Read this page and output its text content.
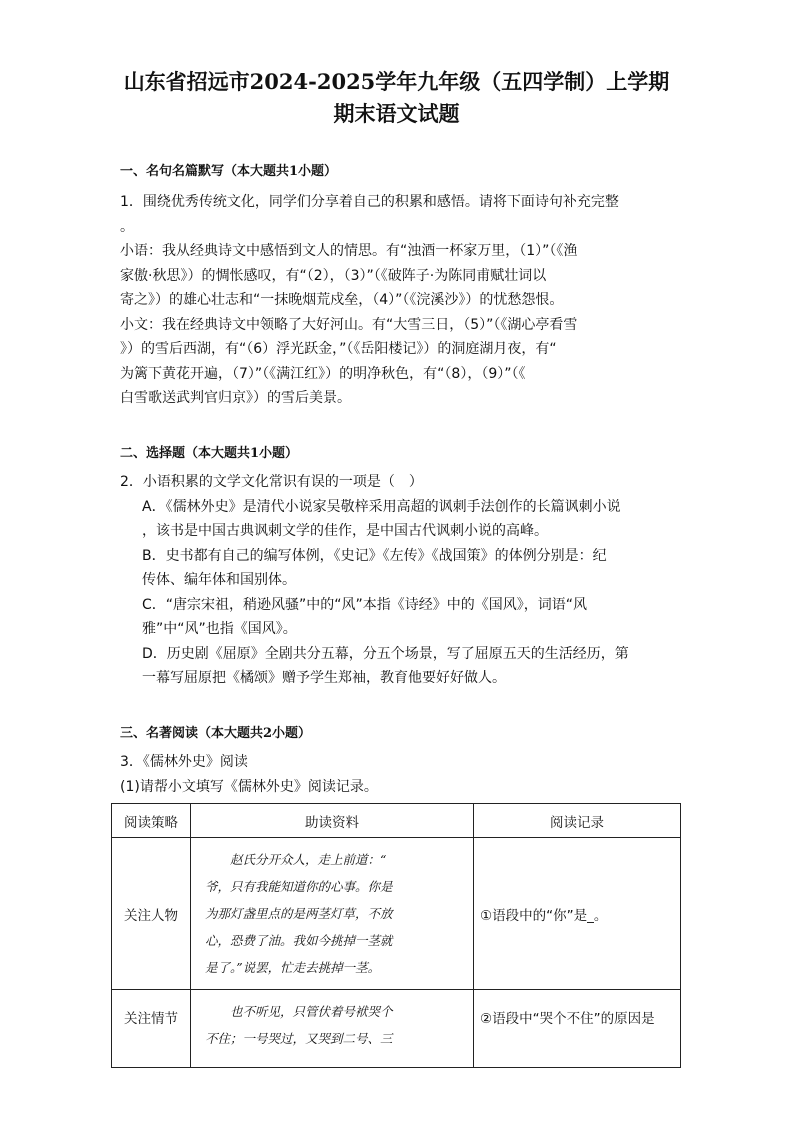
山东省招远市2024-2025学年九年级（五四学制）上学期
期末语文试题
一、名句名篇默写（本大题共1小题）
1．围绕优秀传统文化，同学们分享着自己的积累和感悟。请将下面诗句补充完整
。
小语：我从经典诗文中感悟到文人的情思。有“浊酒一杯家万里，（1）”（《渔
家傲·秋思》）的惆怅感叹，有“（2），（3）”（《破阵子·为陈同甫赋壮词以
寄之》）的雄心壮志和“一抹晚烟荒戍垒，（4）”（《浣溪沙》）的忧愁怨恨。
小文：我在经典诗文中领略了大好河山。有“大雪三日，（5）”（《湖心亭看雪
》）的雪后西湖，有“（6）浮光跃金，”（《岳阳楼记》）的洞庭湖月夜，有“
为篱下黄花开遍，（7）”（《满江红》）的明净秋色，有“（8），（9）”（《
白雪歌送武判官归京》）的雪后美景。
二、选择题（本大题共1小题）
2．小语积累的文学文化常识有误的一项是（　）
A．《儒林外史》是清代小说家吴敬梓采用高超的讽刺手法创作的长篇讽刺小说
，该书是中国古典讽刺文学的佳作，是中国古代讽刺小说的高峰。
B．史书都有自己的编写体例，《史记》《左传》《战国策》的体例分别是：纪
传体、编年体和国别体。
C．“唐宗宋祖，稍逊风骚”中的“风”本指《诗经》中的《国风》，词语“风
雅”中“风”也指《国风》。
D．历史剧《屈原》全剧共分五幕，分五个场景，写了屈原五天的生活经历，第
一幕写屈原把《橘颂》赠予学生郑袖，教育他要好好做人。
三、名著阅读（本大题共2小题）
3．《儒林外史》阅读
(1)请帮小文填写《儒林外史》阅读记录。
阅读策略	助读资料	阅读记录
关注人物	　　赵氏分开众人，走上前道：“
爷，只有我能知道你的心事。你是
为那灯盏里点的是两茎灯草，不放
心，恐费了油。我如今挑掉一茎就
是了。”说罢，忙走去挑掉一茎。	①语段中的“你”是_。
关注情节	　　也不听见，只管伏着号袱哭个
不住；一号哭过，又哭到二号、三	②语段中“哭个不住”的原因是
